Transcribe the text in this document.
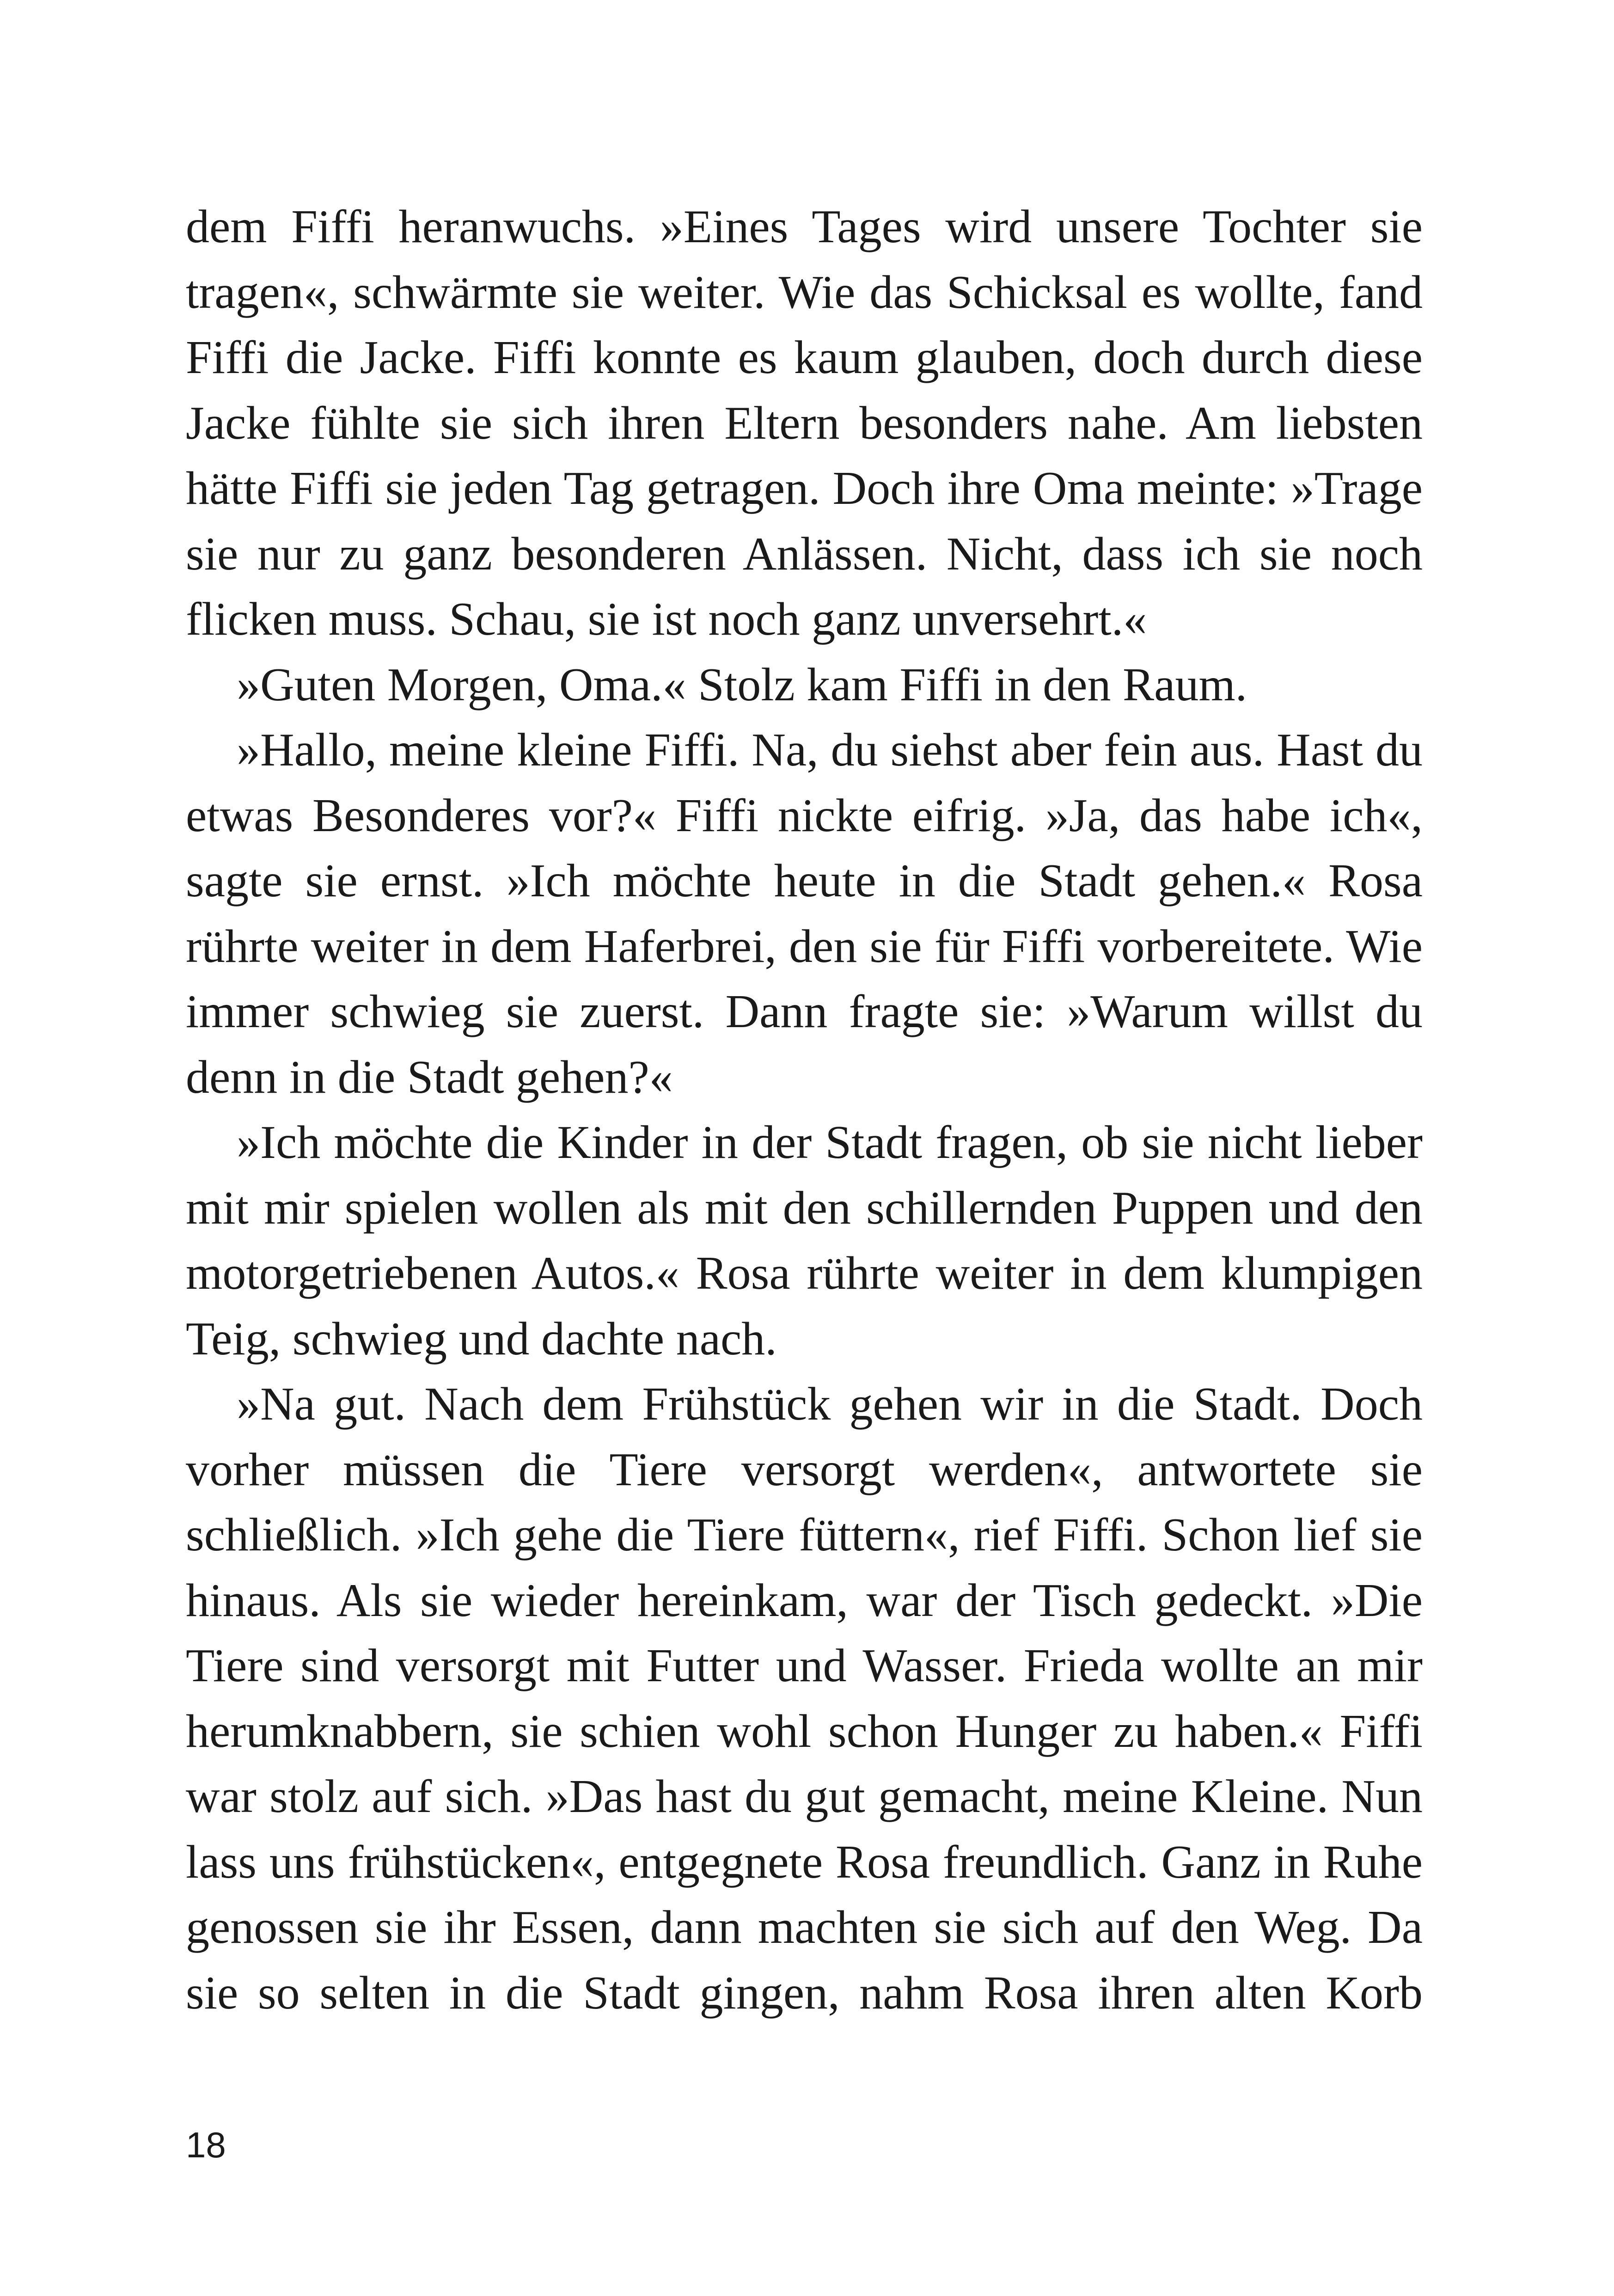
dem Fiffi heranwuchs. »Eines Tages wird unsere Tochter sie tragen«, schwärmte sie weiter. Wie das Schicksal es wollte, fand Fiffi die Jacke. Fiffi konnte es kaum glauben, doch durch diese Jacke fühlte sie sich ihren Eltern besonders nahe. Am liebsten hätte Fiffi sie jeden Tag getragen. Doch ihre Oma meinte: »Trage sie nur zu ganz besonderen Anlässen. Nicht, dass ich sie noch flicken muss. Schau, sie ist noch ganz unversehrt.«

»Guten Morgen, Oma.« Stolz kam Fiffi in den Raum.

»Hallo, meine kleine Fiffi. Na, du siehst aber fein aus. Hast du etwas Besonderes vor?« Fiffi nickte eifrig. »Ja, das habe ich«, sagte sie ernst. »Ich möchte heute in die Stadt gehen.« Rosa rührte weiter in dem Haferbrei, den sie für Fiffi vorbereitete. Wie immer schwieg sie zuerst. Dann fragte sie: »Warum willst du denn in die Stadt gehen?«

»Ich möchte die Kinder in der Stadt fragen, ob sie nicht lieber mit mir spielen wollen als mit den schillernden Puppen und den motorgetriebenen Autos.« Rosa rührte weiter in dem klumpigen Teig, schwieg und dachte nach.

»Na gut. Nach dem Frühstück gehen wir in die Stadt. Doch vorher müssen die Tiere versorgt werden«, antwortete sie schließlich. »Ich gehe die Tiere füttern«, rief Fiffi. Schon lief sie hinaus. Als sie wieder hereinkam, war der Tisch gedeckt. »Die Tiere sind versorgt mit Futter und Wasser. Frieda wollte an mir herumknabbern, sie schien wohl schon Hunger zu haben.« Fiffi war stolz auf sich. »Das hast du gut gemacht, meine Kleine. Nun lass uns frühstücken«, entgegnete Rosa freundlich. Ganz in Ruhe genossen sie ihr Essen, dann machten sie sich auf den Weg. Da sie so selten in die Stadt gingen, nahm Rosa ihren alten Korb

18
